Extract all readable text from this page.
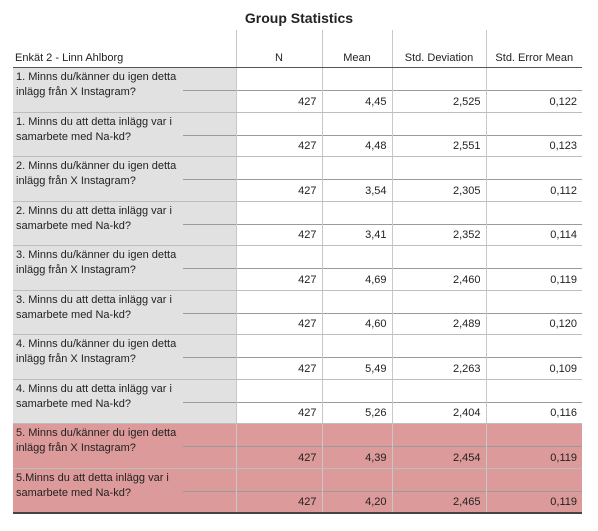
Group Statistics
Enkät 2 - Linn Ahlborg	N	Mean	Std. Deviation	Std. Error Mean

1. Minns du/känner du igen detta inlägg från X Instagram?	427	4,45	2,525	0,122

1. Minns du att detta inlägg var i samarbete med Na-kd?	427	4,48	2,551	0,123

2. Minns du/känner du igen detta inlägg från X Instagram?	427	3,54	2,305	0,112

2. Minns du att detta inlägg var i samarbete med Na-kd?	427	3,41	2,352	0,114

3. Minns du/känner du igen detta inlägg från X Instagram?	427	4,69	2,460	0,119

3. Minns du att detta inlägg var i samarbete med Na-kd?	427	4,60	2,489	0,120

4. Minns du/känner du igen detta inlägg från X Instagram?	427	5,49	2,263	0,109

4. Minns du att detta inlägg var i samarbete med Na-kd?	427	5,26	2,404	0,116

5. Minns du/känner du igen detta inlägg från X Instagram?	427	4,39	2,454	0,119

5.Minns du att detta inlägg var i samarbete med Na-kd?	427	4,20	2,465	0,119
